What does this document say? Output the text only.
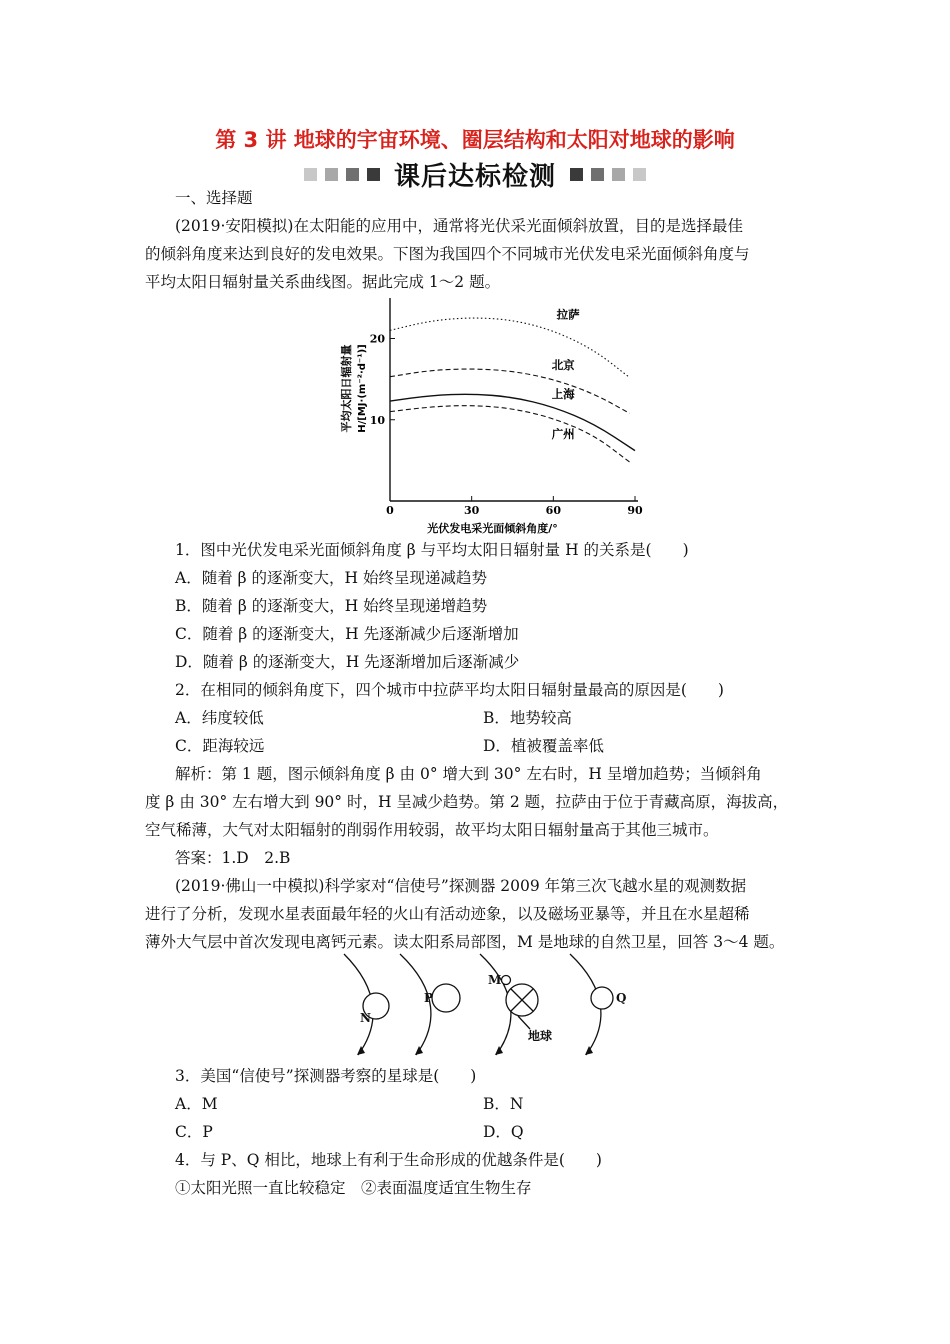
第 3 讲 地球的宇宙环境、圈层结构和太阳对地球的影响
课后达标检测
一、选择题
(2019·安阳模拟)在太阳能的应用中，通常将光伏采光面倾斜放置，目的是选择最佳
的倾斜角度来达到良好的发电效果。下图为我国四个不同城市光伏发电采光面倾斜角度与
平均太阳日辐射量关系曲线图。据此完成 1～2 题。
0	30	60	90
10
20
光伏发电采光面倾斜角度/°
平均太阳日辐射量 H/[MJ·(m⁻²·d⁻¹)]
拉萨
北京
上海
广州
1．图中光伏发电采光面倾斜角度 β 与平均太阳日辐射量 H 的关系是(　　)
A．随着 β 的逐渐变大，H 始终呈现递减趋势
B．随着 β 的逐渐变大，H 始终呈现递增趋势
C．随着 β 的逐渐变大，H 先逐渐减少后逐渐增加
D．随着 β 的逐渐变大，H 先逐渐增加后逐渐减少
2．在相同的倾斜角度下，四个城市中拉萨平均太阳日辐射量最高的原因是(　　)
A．纬度较低	B．地势较高
C．距海较远	D．植被覆盖率低
解析：第 1 题，图示倾斜角度 β 由 0° 增大到 30° 左右时，H 呈增加趋势；当倾斜角
度 β 由 30° 左右增大到 90° 时，H 呈减少趋势。第 2 题，拉萨由于位于青藏高原，海拔高，
空气稀薄，大气对太阳辐射的削弱作用较弱，故平均太阳日辐射量高于其他三城市。
答案：1.D　2.B
(2019·佛山一中模拟)科学家对“信使号”探测器 2009 年第三次飞越水星的观测数据
进行了分析，发现水星表面最年轻的火山有活动迹象，以及磁场亚暴等，并且在水星超稀
薄外大气层中首次发现电离钙元素。读太阳系局部图，M 是地球的自然卫星，回答 3～4 题。
N
P
M
Q
地球
3．美国“信使号”探测器考察的星球是(　　)
A．M	B．N
C．P	D．Q
4．与 P、Q 相比，地球上有利于生命形成的优越条件是(　　)
①太阳光照一直比较稳定　②表面温度适宜生物生存
